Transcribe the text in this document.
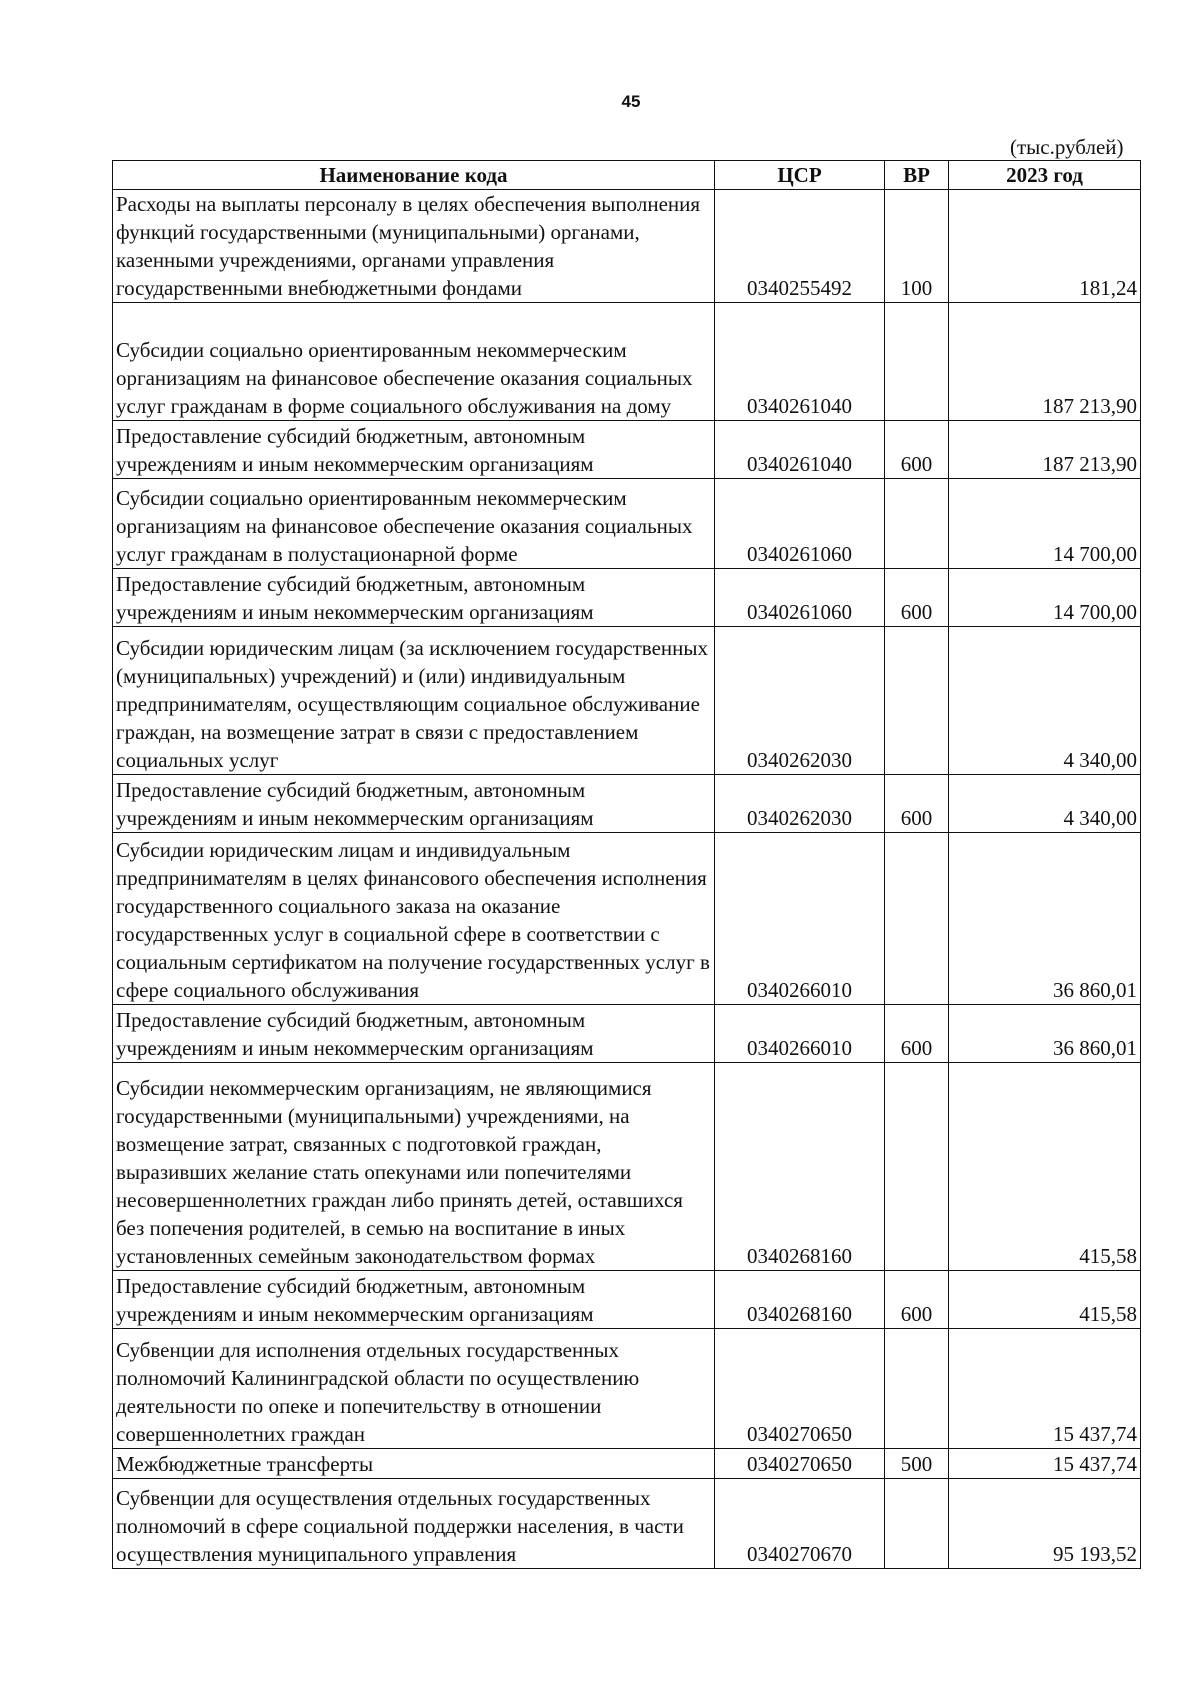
45
(тыс.рублей)
Наименование кода	ЦСР	ВР	2023 год
Расходы на выплаты персоналу в целях обеспечения выполнения функций государственными (муниципальными) органами, казенными учреждениями, органами управления государственными внебюджетными фондами	0340255492	100	181,24
Субсидии социально ориентированным некоммерческим организациям на финансовое обеспечение оказания социальных услуг гражданам в форме социального обслуживания на дому	0340261040		187 213,90
Предоставление субсидий бюджетным, автономным учреждениям и иным некоммерческим организациям	0340261040	600	187 213,90
Субсидии социально ориентированным некоммерческим организациям на финансовое обеспечение оказания социальных услуг гражданам в полустационарной форме	0340261060		14 700,00
Предоставление субсидий бюджетным, автономным учреждениям и иным некоммерческим организациям	0340261060	600	14 700,00
Субсидии юридическим лицам (за исключением государственных (муниципальных) учреждений) и (или) индивидуальным предпринимателям, осуществляющим социальное обслуживание граждан, на возмещение затрат в связи с предоставлением социальных услуг	0340262030		4 340,00
Предоставление субсидий бюджетным, автономным учреждениям и иным некоммерческим организациям	0340262030	600	4 340,00
Субсидии юридическим лицам и индивидуальным предпринимателям в целях финансового обеспечения исполнения государственного социального заказа на оказание государственных услуг в социальной сфере в соответствии с социальным сертификатом на получение государственных услуг в сфере социального обслуживания	0340266010		36 860,01
Предоставление субсидий бюджетным, автономным учреждениям и иным некоммерческим организациям	0340266010	600	36 860,01
Субсидии некоммерческим организациям, не являющимися государственными (муниципальными) учреждениями, на возмещение затрат, связанных с подготовкой граждан, выразивших желание стать опекунами или попечителями несовершеннолетних граждан либо принять детей, оставшихся без попечения родителей, в семью на воспитание в иных установленных семейным законодательством формах	0340268160		415,58
Предоставление субсидий бюджетным, автономным учреждениям и иным некоммерческим организациям	0340268160	600	415,58
Субвенции для исполнения отдельных государственных полномочий Калининградской области по осуществлению деятельности по опеке и попечительству в отношении совершеннолетних граждан	0340270650		15 437,74
Межбюджетные трансферты	0340270650	500	15 437,74
Субвенции для осуществления отдельных государственных полномочий в сфере социальной поддержки населения, в части осуществления муниципального управления	0340270670		95 193,52
